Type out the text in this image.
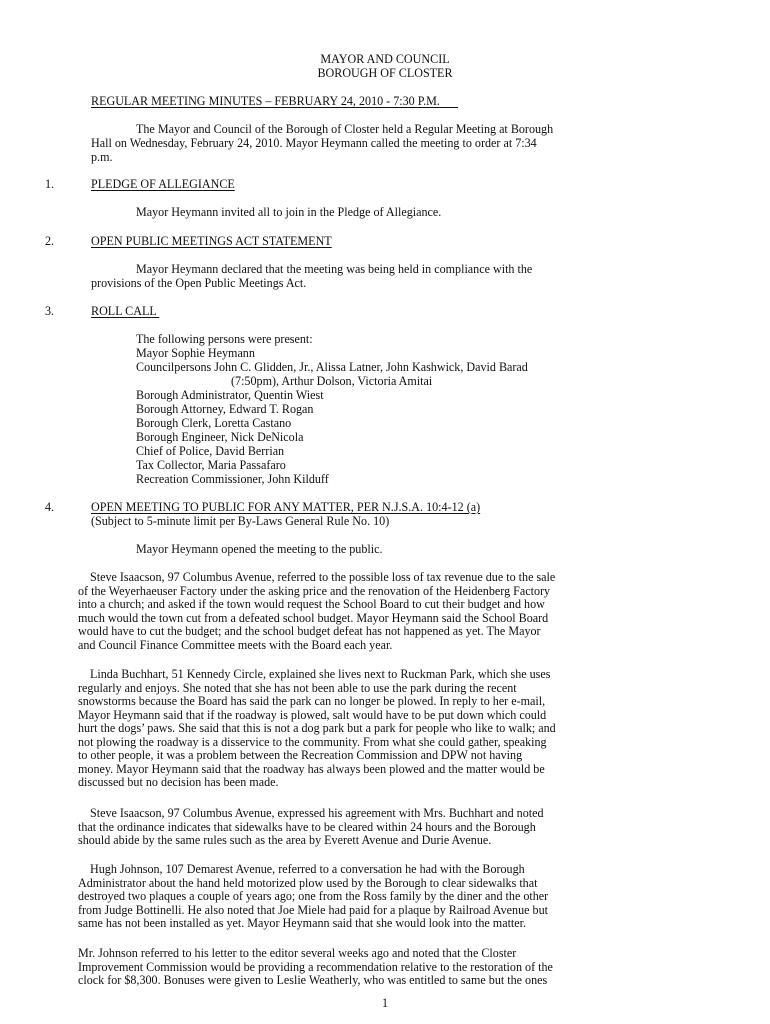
MAYOR AND COUNCIL
BOROUGH OF CLOSTER
REGULAR MEETING MINUTES – FEBRUARY 24, 2010 - 7:30 P.M.
The Mayor and Council of the Borough of Closter held a Regular Meeting at Borough
Hall on Wednesday, February 24, 2010. Mayor Heymann called the meeting to order at 7:34
p.m.
1.	PLEDGE OF ALLEGIANCE
Mayor Heymann invited all to join in the Pledge of Allegiance.
2.	OPEN PUBLIC MEETINGS ACT STATEMENT
Mayor Heymann declared that the meeting was being held in compliance with the
provisions of the Open Public Meetings Act.
3.	ROLL CALL
The following persons were present:
Mayor Sophie Heymann
Councilpersons John C. Glidden, Jr., Alissa Latner, John Kashwick, David Barad
(7:50pm), Arthur Dolson, Victoria Amitai
Borough Administrator, Quentin Wiest
Borough Attorney, Edward T. Rogan
Borough Clerk, Loretta Castano
Borough Engineer, Nick DeNicola
Chief of Police, David Berrian
Tax Collector, Maria Passafaro
Recreation Commissioner, John Kilduff
4.	OPEN MEETING TO PUBLIC FOR ANY MATTER, PER N.J.S.A. 10:4-12 (a)
(Subject to 5-minute limit per By-Laws General Rule No. 10)
Mayor Heymann opened the meeting to the public.
Steve Isaacson, 97 Columbus Avenue, referred to the possible loss of tax revenue due to the sale
of the Weyerhaeuser Factory under the asking price and the renovation of the Heidenberg Factory
into a church; and asked if the town would request the School Board to cut their budget and how
much would the town cut from a defeated school budget. Mayor Heymann said the School Board
would have to cut the budget; and the school budget defeat has not happened as yet. The Mayor
and Council Finance Committee meets with the Board each year.
Linda Buchhart, 51 Kennedy Circle, explained she lives next to Ruckman Park, which she uses
regularly and enjoys. She noted that she has not been able to use the park during the recent
snowstorms because the Board has said the park can no longer be plowed. In reply to her e-mail,
Mayor Heymann said that if the roadway is plowed, salt would have to be put down which could
hurt the dogs’ paws. She said that this is not a dog park but a park for people who like to walk; and
not plowing the roadway is a disservice to the community. From what she could gather, speaking
to other people, it was a problem between the Recreation Commission and DPW not having
money. Mayor Heymann said that the roadway has always been plowed and the matter would be
discussed but no decision has been made.
Steve Isaacson, 97 Columbus Avenue, expressed his agreement with Mrs. Buchhart and noted
that the ordinance indicates that sidewalks have to be cleared within 24 hours and the Borough
should abide by the same rules such as the area by Everett Avenue and Durie Avenue.
Hugh Johnson, 107 Demarest Avenue, referred to a conversation he had with the Borough
Administrator about the hand held motorized plow used by the Borough to clear sidewalks that
destroyed two plaques a couple of years ago; one from the Ross family by the diner and the other
from Judge Bottinelli. He also noted that Joe Miele had paid for a plaque by Railroad Avenue but
same has not been installed as yet. Mayor Heymann said that she would look into the matter.
Mr. Johnson referred to his letter to the editor several weeks ago and noted that the Closter
Improvement Commission would be providing a recommendation relative to the restoration of the
clock for $8,300. Bonuses were given to Leslie Weatherly, who was entitled to same but the ones
1
